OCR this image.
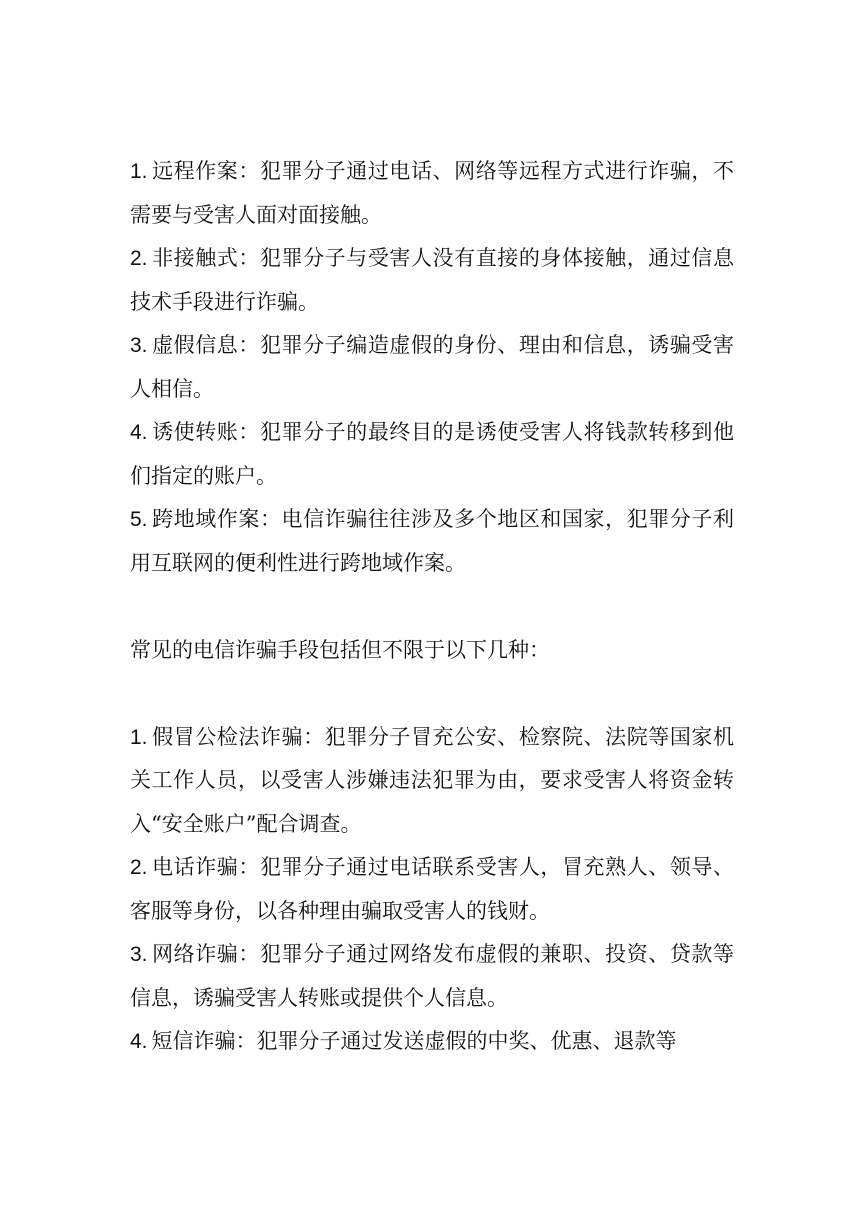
1. 远程作案：犯罪分子通过电话、网络等远程方式进行诈骗，不需要与受害人面对面接触。

2. 非接触式：犯罪分子与受害人没有直接的身体接触，通过信息技术手段进行诈骗。

3. 虚假信息：犯罪分子编造虚假的身份、理由和信息，诱骗受害人相信。

4. 诱使转账：犯罪分子的最终目的是诱使受害人将钱款转移到他们指定的账户。

5. 跨地域作案：电信诈骗往往涉及多个地区和国家，犯罪分子利用互联网的便利性进行跨地域作案。

常见的电信诈骗手段包括但不限于以下几种：

1. 假冒公检法诈骗：犯罪分子冒充公安、检察院、法院等国家机关工作人员，以受害人涉嫌违法犯罪为由，要求受害人将资金转入“安全账户”配合调查。

2. 电话诈骗：犯罪分子通过电话联系受害人，冒充熟人、领导、客服等身份，以各种理由骗取受害人的钱财。

3. 网络诈骗：犯罪分子通过网络发布虚假的兼职、投资、贷款等信息，诱骗受害人转账或提供个人信息。

4. 短信诈骗：犯罪分子通过发送虚假的中奖、优惠、退款等
